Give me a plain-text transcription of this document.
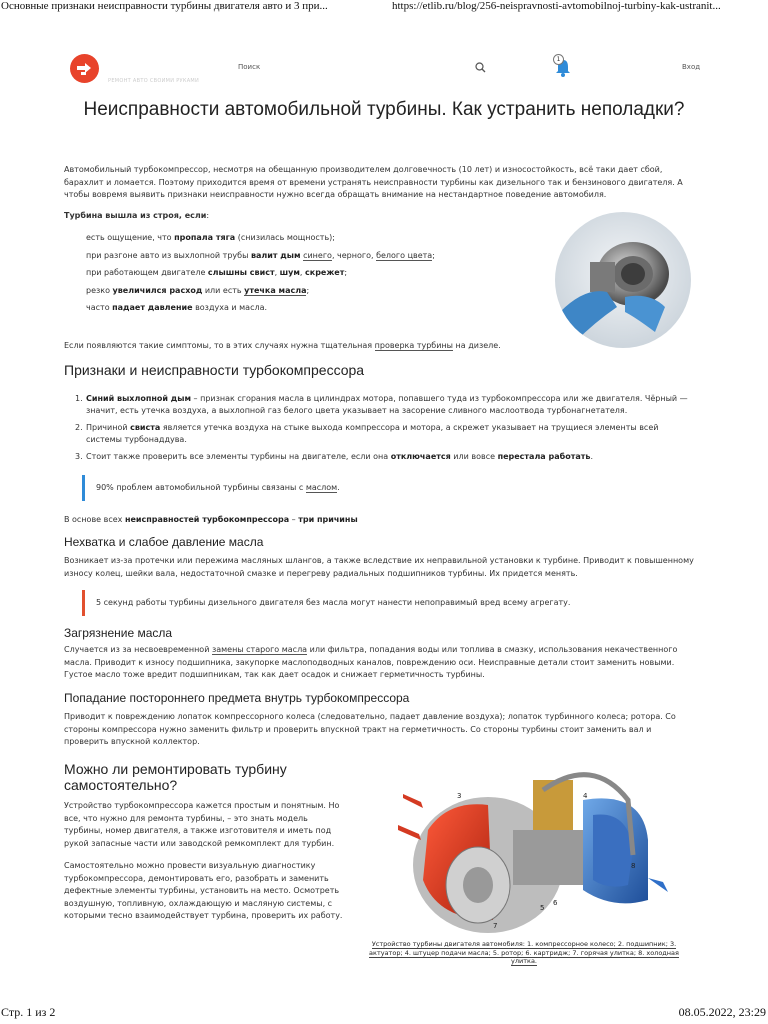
Основные признаки неисправности турбины двигателя авто и 3 при...	https://etlib.ru/blog/256-neispravnosti-avtomobilnoj-turbiny-kak-ustranit...
РЕМОНТ АВТО СВОИМИ РУКАМИ
Поиск
1
Вход
Неисправности автомобильной турбины. Как устранить неполадки?

Автомобильный турбокомпрессор, несмотря на обещанную производителем долговечность (10 лет) и износостойкость, всё таки дает сбой, барахлит и ломается. Поэтому приходится время от времени устранять неисправности турбины как дизельного так и бензинового двигателя. А чтобы вовремя выявить признаки неисправности нужно всегда обращать внимание на нестандартное поведение автомобиля.

Турбина вышла из строя, если:

есть ощущение, что пропала тяга (снизилась мощность);
при разгоне авто из выхлопной трубы валит дым синего, черного, белого цвета;
при работающем двигателе слышны свист, шум, скрежет;
резко увеличился расход или есть утечка масла;
часто падает давление воздуха и масла.

Если появляются такие симптомы, то в этих случаях нужна тщательная проверка турбины на дизеле.

Признаки и неисправности турбокомпрессора
1. Синий выхлопной дым – признак сгорания масла в цилиндрах мотора, попавшего туда из турбокомпрессора или же двигателя. Чёрный — значит, есть утечка воздуха, а выхлопной газ белого цвета указывает на засорение сливного маслоотвода турбонагнетателя.
2. Причиной свиста является утечка воздуха на стыке выхода компрессора и мотора, а скрежет указывает на трущиеся элементы всей системы турбонаддува.
3. Стоит также проверить все элементы турбины на двигателе, если она отключается или вовсе перестала работать.
90% проблем автомобильной турбины связаны с маслом.

В основе всех неисправностей турбокомпрессора – три причины

Нехватка и слабое давление масла

Возникает из-за протечки или пережима масляных шлангов, а также вследствие их неправильной установки к турбине. Приводит к повышенному износу колец, шейки вала, недостаточной смазке и перегреву радиальных подшипников турбины. Их придется менять.

5 секунд работы турбины дизельного двигателя без масла могут нанести непоправимый вред всему агрегату.
Загрязнение масла

Случается из за несвоевременной замены старого масла или фильтра, попадания воды или топлива в смазку, использования некачественного масла. Приводит к износу подшипника, закупорке маслоподводных каналов, повреждению оси. Неисправные детали стоит заменить новыми. Густое масло тоже вредит подшипникам, так как дает осадок и снижает герметичность турбины.

Попадание постороннего предмета внутрь турбокомпрессора

Приводит к повреждению лопаток компрессорного колеса (следовательно, падает давление воздуха); лопаток турбинного колеса; ротора. Со стороны компрессора нужно заменить фильтр и проверить впускной тракт на герметичность. Со стороны турбины стоит заменить вал и проверить впускной коллектор.

Можно ли ремонтировать турбину самостоятельно?

Устройство турбокомпрессора кажется простым и понятным. Но все, что нужно для ремонта турбины, – это знать модель турбины, номер двигателя, а также изготовителя и иметь под рукой запасные части или заводской ремкомплект для турбин.

Самостоятельно можно провести визуальную диагностику турбокомпрессора, демонтировать его, разобрать и заменить дефектные элементы турбины, установить на место. Осмотреть воздушную, топливную, охлаждающую и масляную системы, с которыми тесно взаимодействует турбина, проверить их работу.

3	4
8
7
5
6
Устройство турбины двигателя автомобиля: 1. компрессорное колесо; 2. подшипник; 3. актуатор; 4. штуцер подачи масла; 5. ротор; 6. картридж; 7. горячая улитка; 8. холодная улитка.
Стр. 1 из 2	08.05.2022, 23:29
